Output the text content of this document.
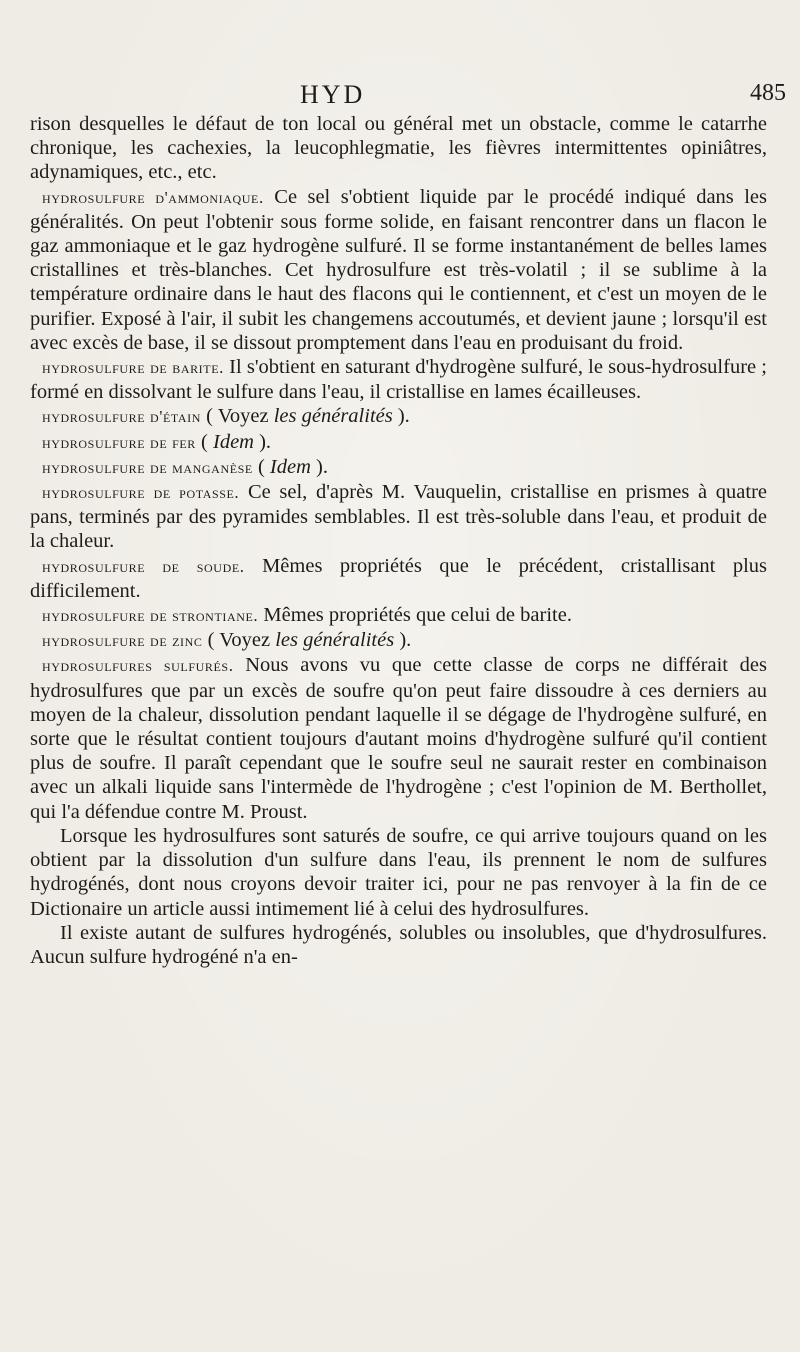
HYD	485

rison desquelles le défaut de ton local ou général met un obstacle, comme le catarrhe chronique, les cachexies, la leucophlegmatie, les fièvres intermittentes opiniâtres, adynamiques, etc., etc.

hydrosulfure d'ammoniaque. Ce sel s'obtient liquide par le procédé indiqué dans les généralités. On peut l'obtenir sous forme solide, en faisant rencontrer dans un flacon le gaz ammoniaque et le gaz hydrogène sulfuré. Il se forme instantanément de belles lames cristallines et très-blanches. Cet hydrosulfure est très-volatil ; il se sublime à la température ordinaire dans le haut des flacons qui le contiennent, et c'est un moyen de le purifier. Exposé à l'air, il subit les changemens accoutumés, et devient jaune ; lorsqu'il est avec excès de base, il se dissout promptement dans l'eau en produisant du froid.

hydrosulfure de barite. Il s'obtient en saturant d'hydrogène sulfuré, le sous-hydrosulfure ; formé en dissolvant le sulfure dans l'eau, il cristallise en lames écailleuses.

hydrosulfure d'étain ( Voyez les généralités ).

hydrosulfure de fer ( Idem ).

hydrosulfure de manganèse ( Idem ).

hydrosulfure de potasse. Ce sel, d'après M. Vauquelin, cristallise en prismes à quatre pans, terminés par des pyramides semblables. Il est très-soluble dans l'eau, et produit de la chaleur.

hydrosulfure de soude. Mêmes propriétés que le précédent, cristallisant plus difficilement.

hydrosulfure de strontiane. Mêmes propriétés que celui de barite.

hydrosulfure de zinc ( Voyez les généralités ).

hydrosulfures sulfurés. Nous avons vu que cette classe de corps ne différait des hydrosulfures que par un excès de soufre qu'on peut faire dissoudre à ces derniers au moyen de la chaleur, dissolution pendant laquelle il se dégage de l'hydrogène sulfuré, en sorte que le résultat contient toujours d'autant moins d'hydrogène sulfuré qu'il contient plus de soufre. Il paraît cependant que le soufre seul ne saurait rester en combinaison avec un alkali liquide sans l'intermède de l'hydrogène ; c'est l'opinion de M. Berthollet, qui l'a défendue contre M. Proust.

Lorsque les hydrosulfures sont saturés de soufre, ce qui arrive toujours quand on les obtient par la dissolution d'un sulfure dans l'eau, ils prennent le nom de sulfures hydrogénés, dont nous croyons devoir traiter ici, pour ne pas renvoyer à la fin de ce Dictionaire un article aussi intimement lié à celui des hydrosulfures.

Il existe autant de sulfures hydrogénés, solubles ou insolubles, que d'hydrosulfures. Aucun sulfure hydrogéné n'a en-
